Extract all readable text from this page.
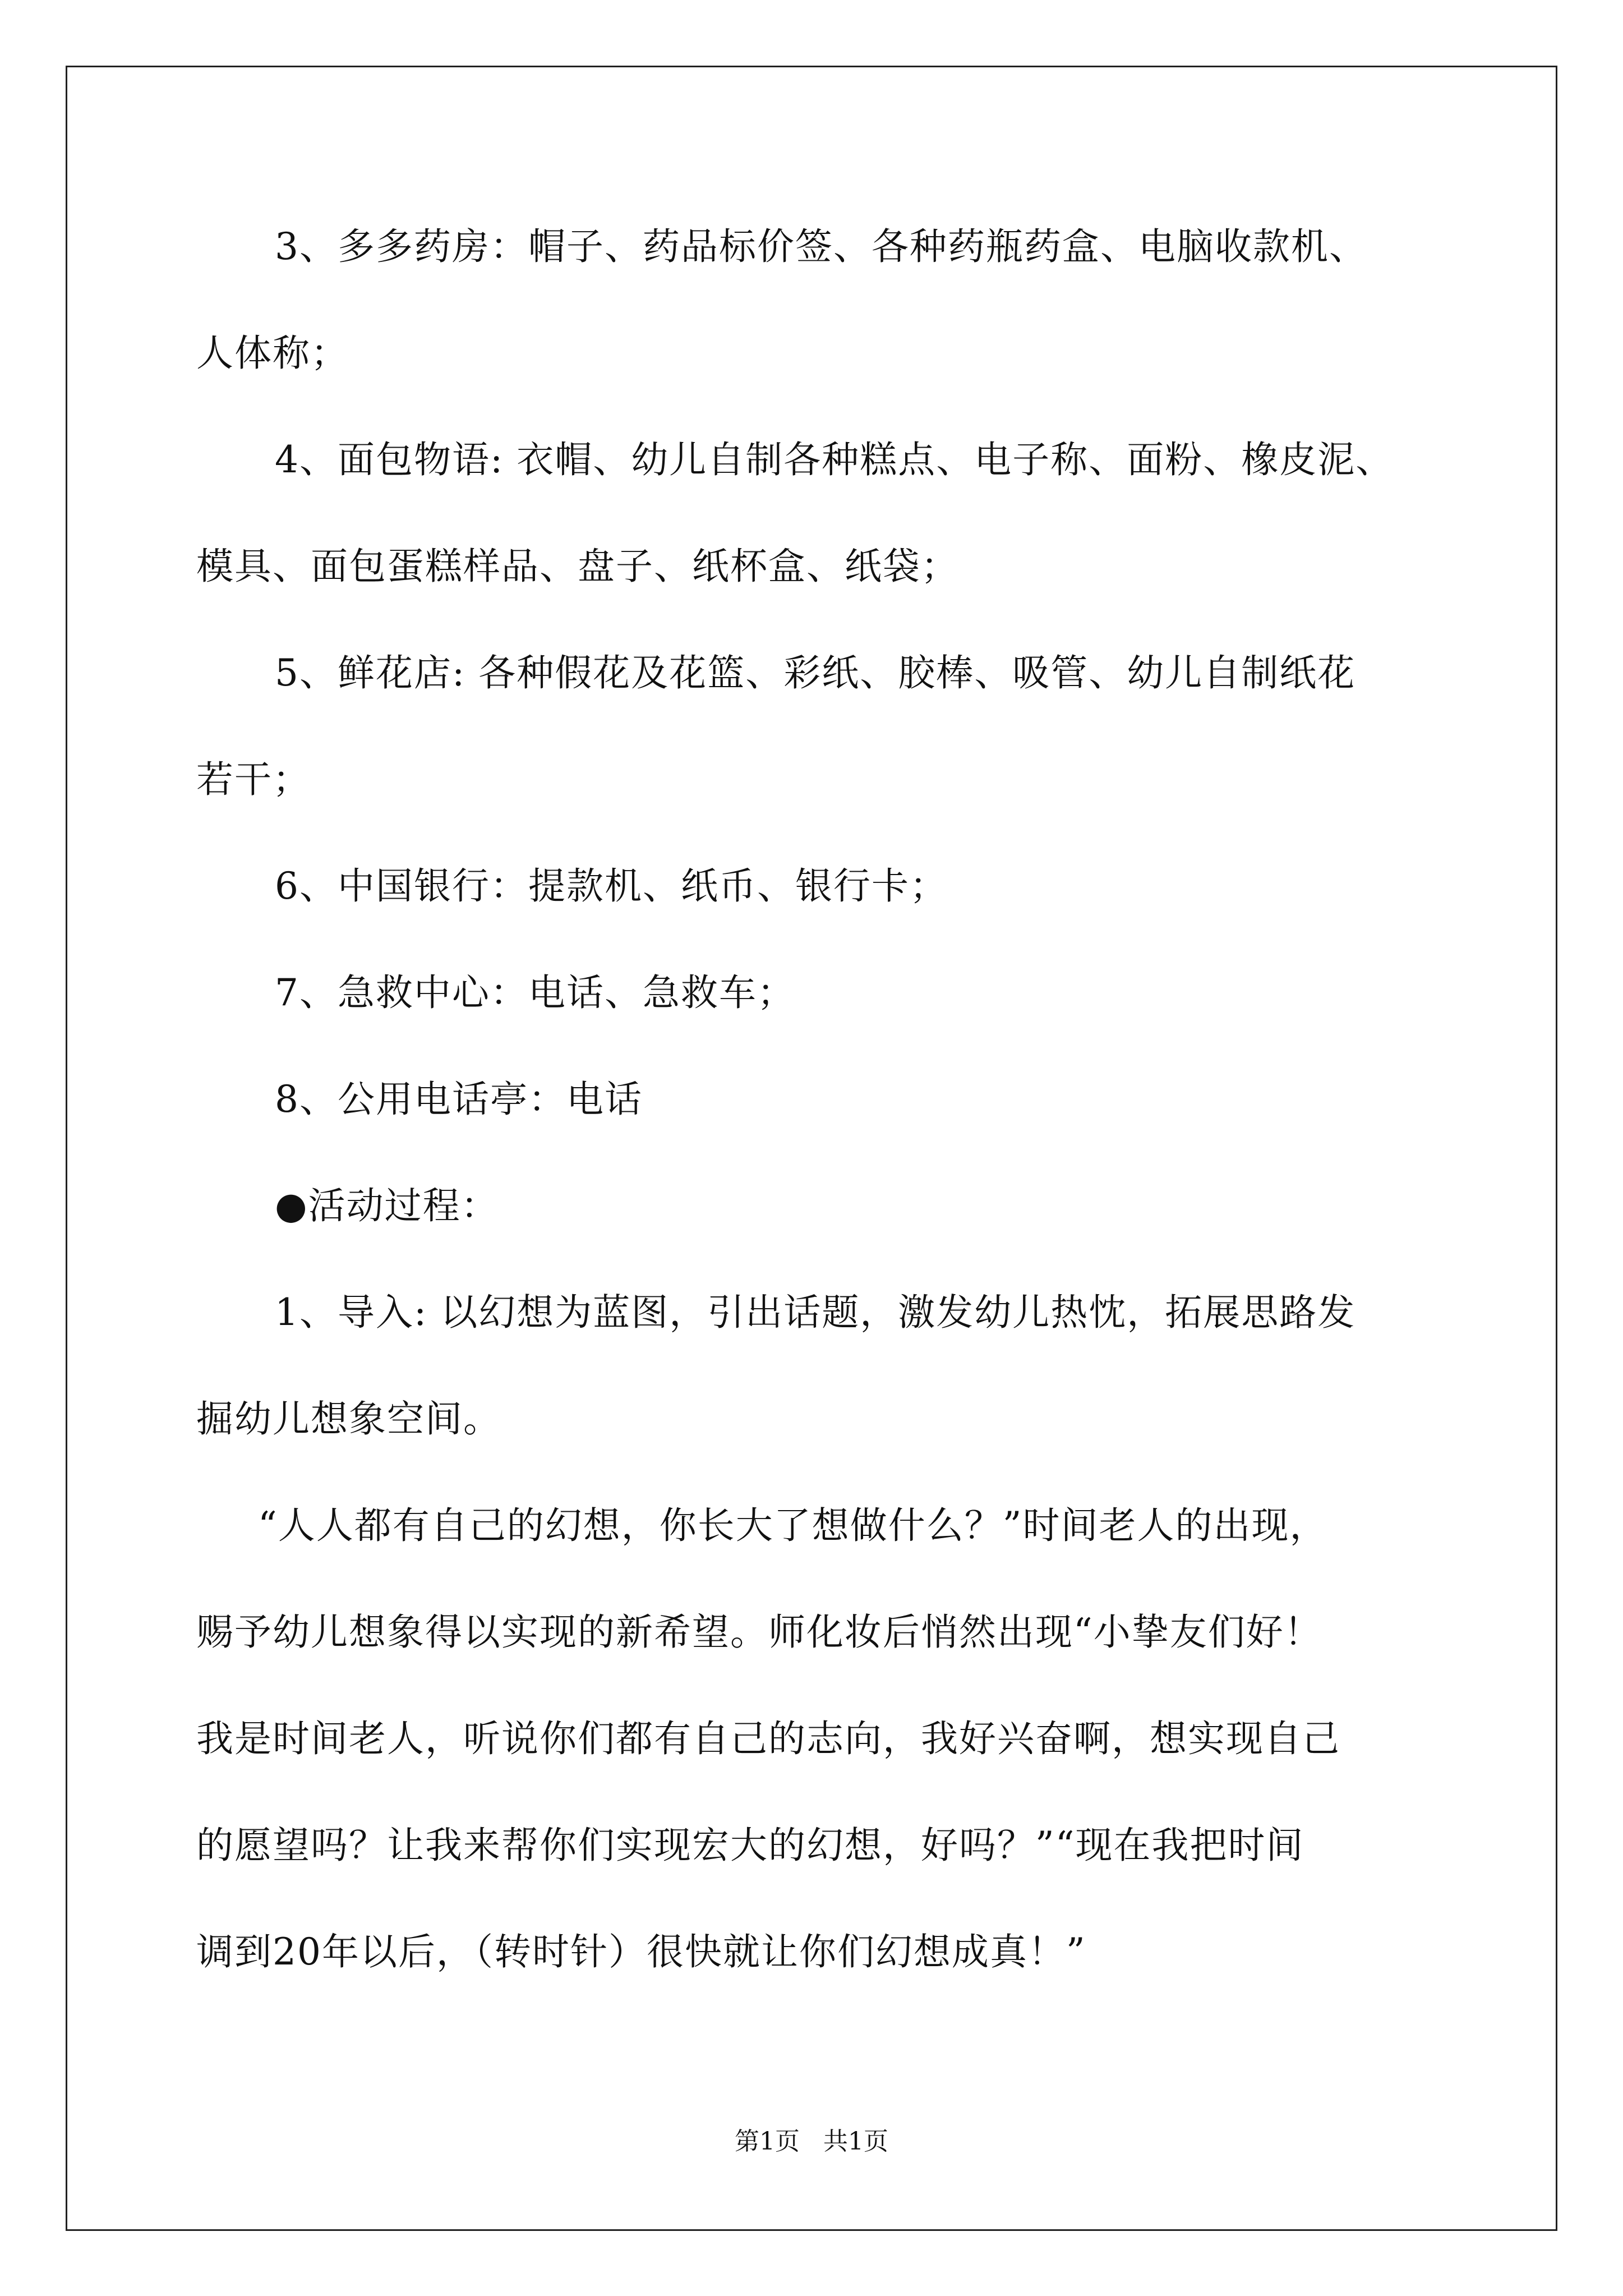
3、多多药房：帽子、药品标价签、各种药瓶药盒、电脑收款机、
人体称；
4、面包物语: 衣帽、幼儿自制各种糕点、电子称、面粉、橡皮泥、
模具、面包蛋糕样品、盘子、纸杯盒、纸袋；
5、鲜花店: 各种假花及花篮、彩纸、胶棒、吸管、幼儿自制纸花
若干；
6、中国银行：提款机、纸币、银行卡；
7、急救中心：电话、急救车；
8、公用电话亭：电话
●活动过程：
1、导入: 以幻想为蓝图，引出话题，激发幼儿热忱，拓展思路发
掘幼儿想象空间。
“人人都有自己的幻想，你长大了想做什么？”时间老人的出现，
赐予幼儿想象得以实现的新希望。师化妆后悄然出现“小挚友们好！
我是时间老人，听说你们都有自己的志向，我好兴奋啊，想实现自己
的愿望吗？让我来帮你们实现宏大的幻想，好吗？”“现在我把时间
调到20年以后，（转时针）很快就让你们幻想成真！”
第1页   共1页
